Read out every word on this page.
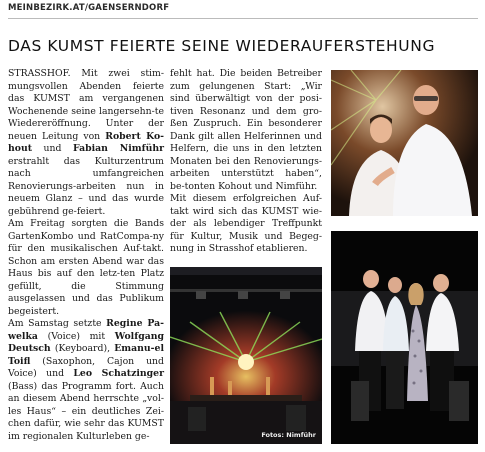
MEINBEZIRK.AT/GAENSERNDORF
DAS KUMST FEIERTE SEINE WIEDERAUFERSTEHUNG

STRASSHOF. Mit zwei stim-mungsvollen Abenden feierte das KUMST am vergangenen Wochenende seine langersehn-te Wiedereröffnung. Unter der neuen Leitung von Robert Ko-hout und Fabian Nimführ erstrahlt das Kulturzentrum nach umfangreichen Renovierungs-arbeiten nun in neuem Glanz – und das wurde gebührend ge-feiert.

Am Freitag sorgten die Bands GartenKombo und RatCompa-ny für den musikalischen Auf-takt. Schon am ersten Abend war das Haus bis auf den letz-ten Platz gefüllt, die Stimmung ausgelassen und das Publikum begeistert.

Am Samstag setzte Regine Pa-welka (Voice) mit Wolfgang Deutsch (Keyboard), Emanu-el Toifl (Saxophon, Cajon und Voice) und Leo Schatzinger (Bass) das Programm fort. Auch an diesem Abend herrschte „vol-les Haus“ – ein deutliches Zei-chen dafür, wie sehr das KUMST im regionalen Kulturleben ge-

fehlt hat. Die beiden Betreiber zum gelungenen Start: „Wir sind überwältigt von der posi-tiven Resonanz und dem gro-ßen Zuspruch. Ein besonderer Dank gilt allen Helferinnen und Helfern, die uns in den letzten Monaten bei den Renovierungs-arbeiten unterstützt haben“, be-tonten Kohout und Nimführ.

Mit diesem erfolgreichen Auf-takt wird sich das KUMST wie-der als lebendiger Treffpunkt für Kultur, Musik und Begeg-nung in Strasshof etablieren.

Fotos: Nimführ
